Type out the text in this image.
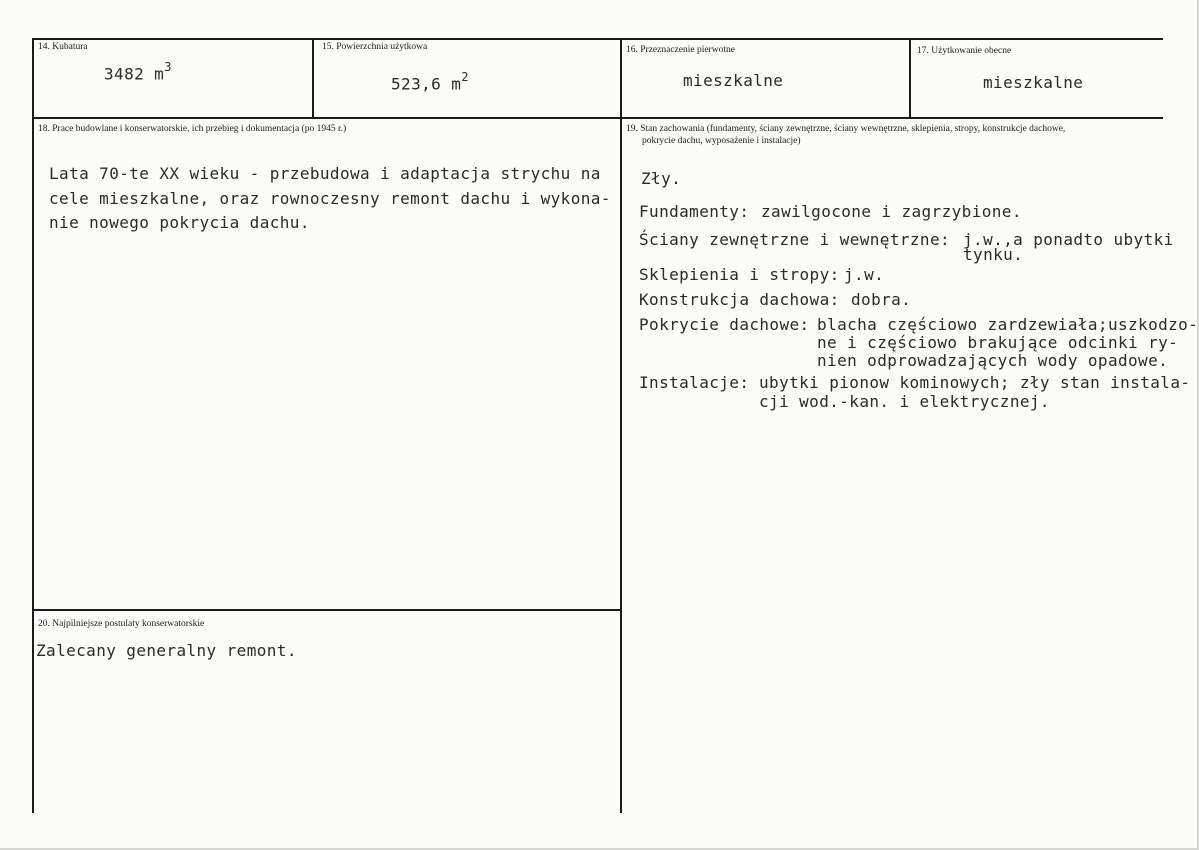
14. Kubatura
3482 $m^3$
15. Powierzchnia użytkowa
523,6 $m^2$
16. Przeznaczenie pierwotne
mieszkalne
17. Użytkowanie obecne
mieszkalne
18. Prace budowlane i konserwatorskie, ich przebieg i dokumentacja (po 1945 r.)
Lata 70-te XX wieku - przebudowa i adaptacja strychu na
cele mieszkalne, oraz rownoczesny remont dachu i wykona-
nie nowego pokrycia dachu.
19. Stan zachowania (fundamenty, ściany zewnętrzne, ściany wewnętrzne, sklepienia, stropy, konstrukcje dachowe,
pokrycie dachu, wyposażenie i instalacje)
Zły.
Fundamenty: zawilgocone i zagrzybione.
Ściany zewnętrzne i wewnętrzne: j.w.,a ponadto ubytki
tynku.
Sklepienia i stropy: j.w.
Konstrukcja dachowa: dobra.
Pokrycie dachowe: blacha częściowo zardzewiała;uszkodzo-
ne i częściowo brakujące odcinki ry-
nien odprowadzających wody opadowe.
Instalacje: ubytki pionow kominowych; zły stan instala-
cji wod.-kan. i elektrycznej.
20. Najpilniejsze postulaty konserwatorskie
Zalecany generalny remont.
